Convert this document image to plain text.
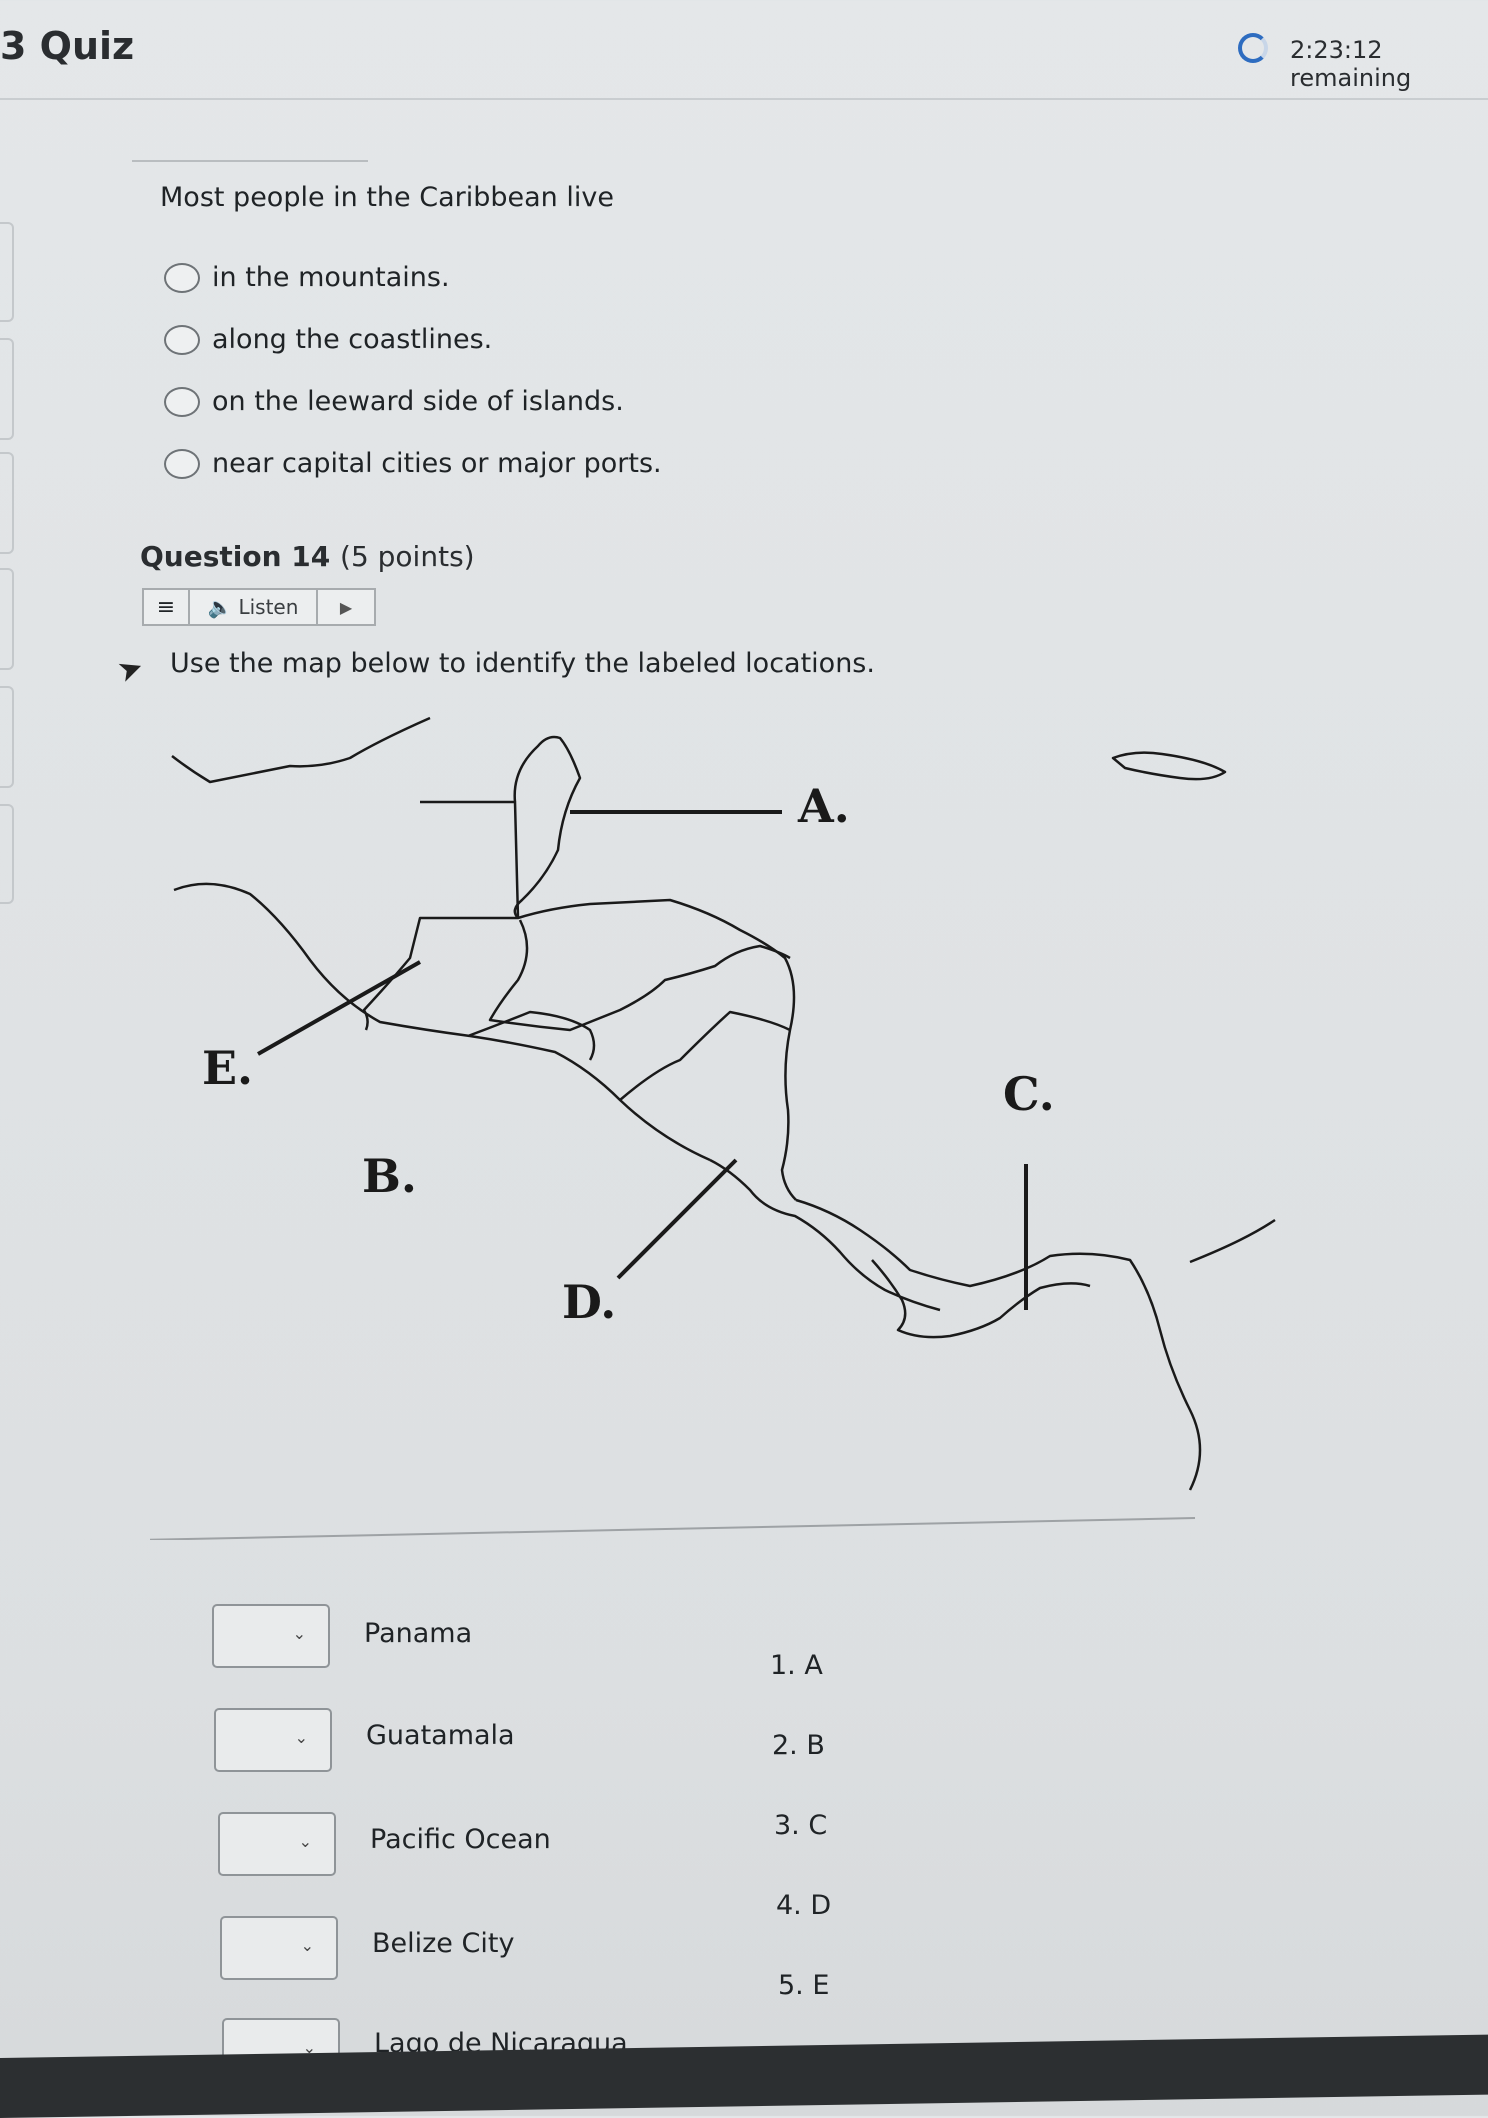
3 Quiz	2:23:12 remaining
Most people in the Caribbean live
in the mountains.
along the coastlines.
on the leeward side of islands.
near capital cities or major ports.
Question 14 (5 points)
≡	🔈 Listen	▶
➤ Use the map below to identify the labeled locations.
A.
B.
C.
D.
E.
⌄ Panama
⌄ Guatamala
⌄ Pacific Ocean
⌄ Belize City
⌄ Lago de Nicaragua
1. A
2. B
3. C
4. D
5. E
